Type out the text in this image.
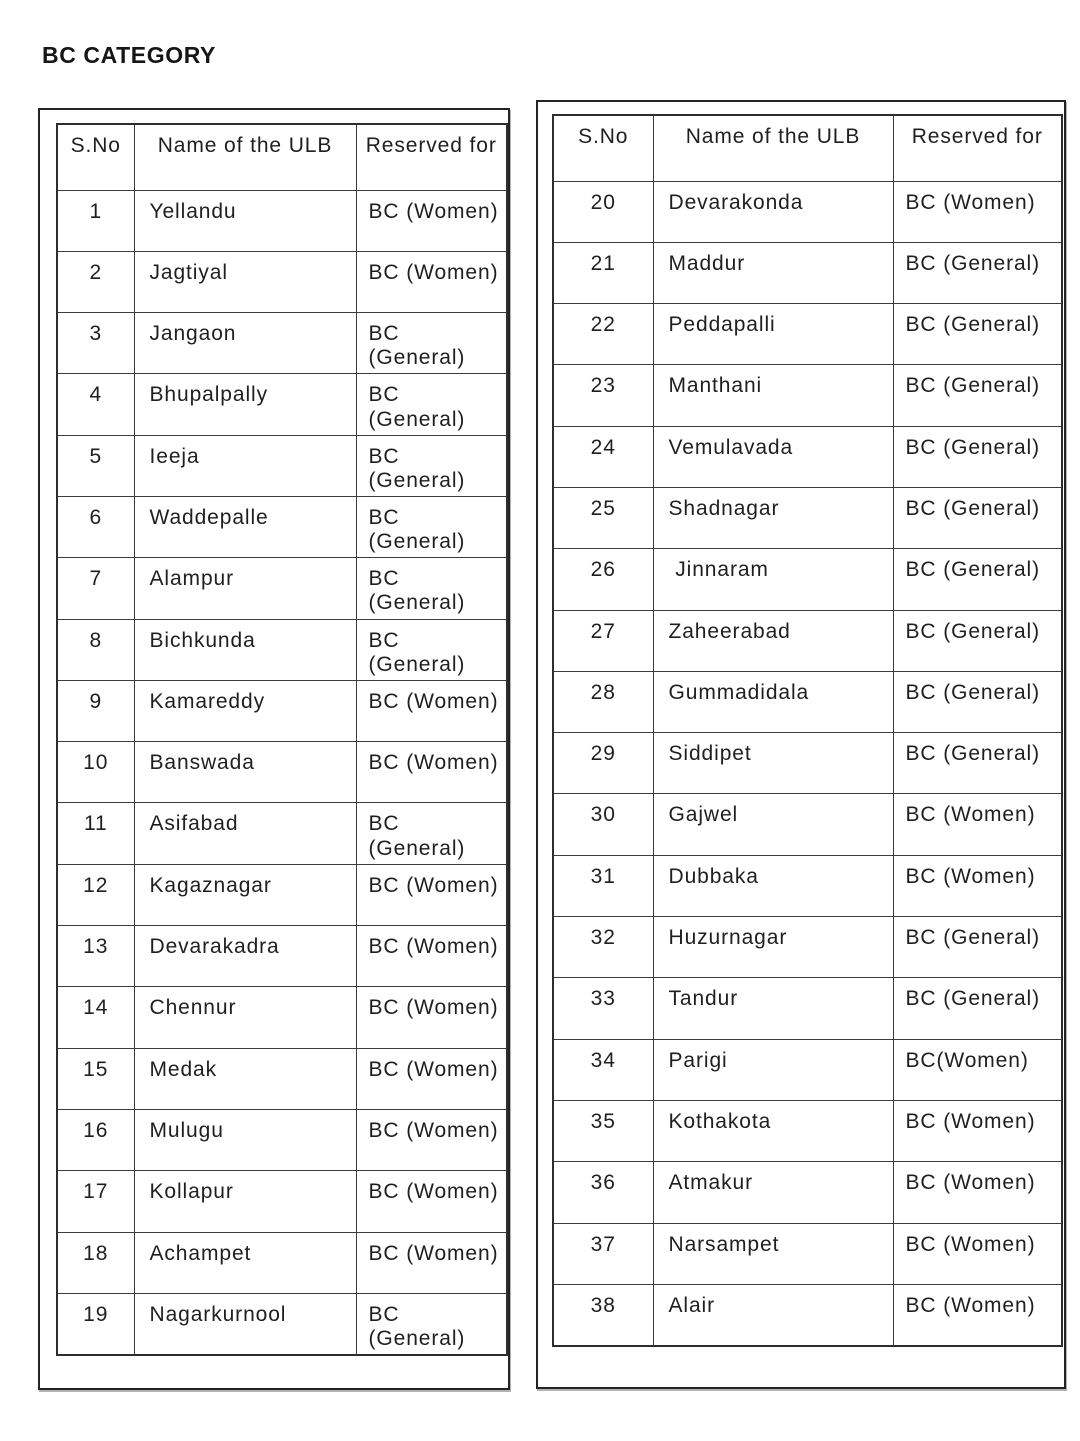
BC CATEGORY
S.No	Name of the ULB	Reserved for
1	Yellandu	BC (Women)
2	Jagtiyal	BC (Women)
3	Jangaon	BC (General)
4	Bhupalpally	BC (General)
5	Ieeja	BC (General)
6	Waddepalle	BC (General)
7	Alampur	BC (General)
8	Bichkunda	BC (General)
9	Kamareddy	BC (Women)
10	Banswada	BC (Women)
11	Asifabad	BC (General)
12	Kagaznagar	BC (Women)
13	Devarakadra	BC (Women)
14	Chennur	BC (Women)
15	Medak	BC (Women)
16	Mulugu	BC (Women)
17	Kollapur	BC (Women)
18	Achampet	BC (Women)
19	Nagarkurnool	BC (General)
S.No	Name of the ULB	Reserved for
20	Devarakonda	BC (Women)
21	Maddur	BC (General)
22	Peddapalli	BC (General)
23	Manthani	BC (General)
24	Vemulavada	BC (General)
25	Shadnagar	BC (General)
26	Jinnaram	BC (General)
27	Zaheerabad	BC (General)
28	Gummadidala	BC (General)
29	Siddipet	BC (General)
30	Gajwel	BC (Women)
31	Dubbaka	BC (Women)
32	Huzurnagar	BC (General)
33	Tandur	BC (General)
34	Parigi	BC(Women)
35	Kothakota	BC (Women)
36	Atmakur	BC (Women)
37	Narsampet	BC (Women)
38	Alair	BC (Women)
